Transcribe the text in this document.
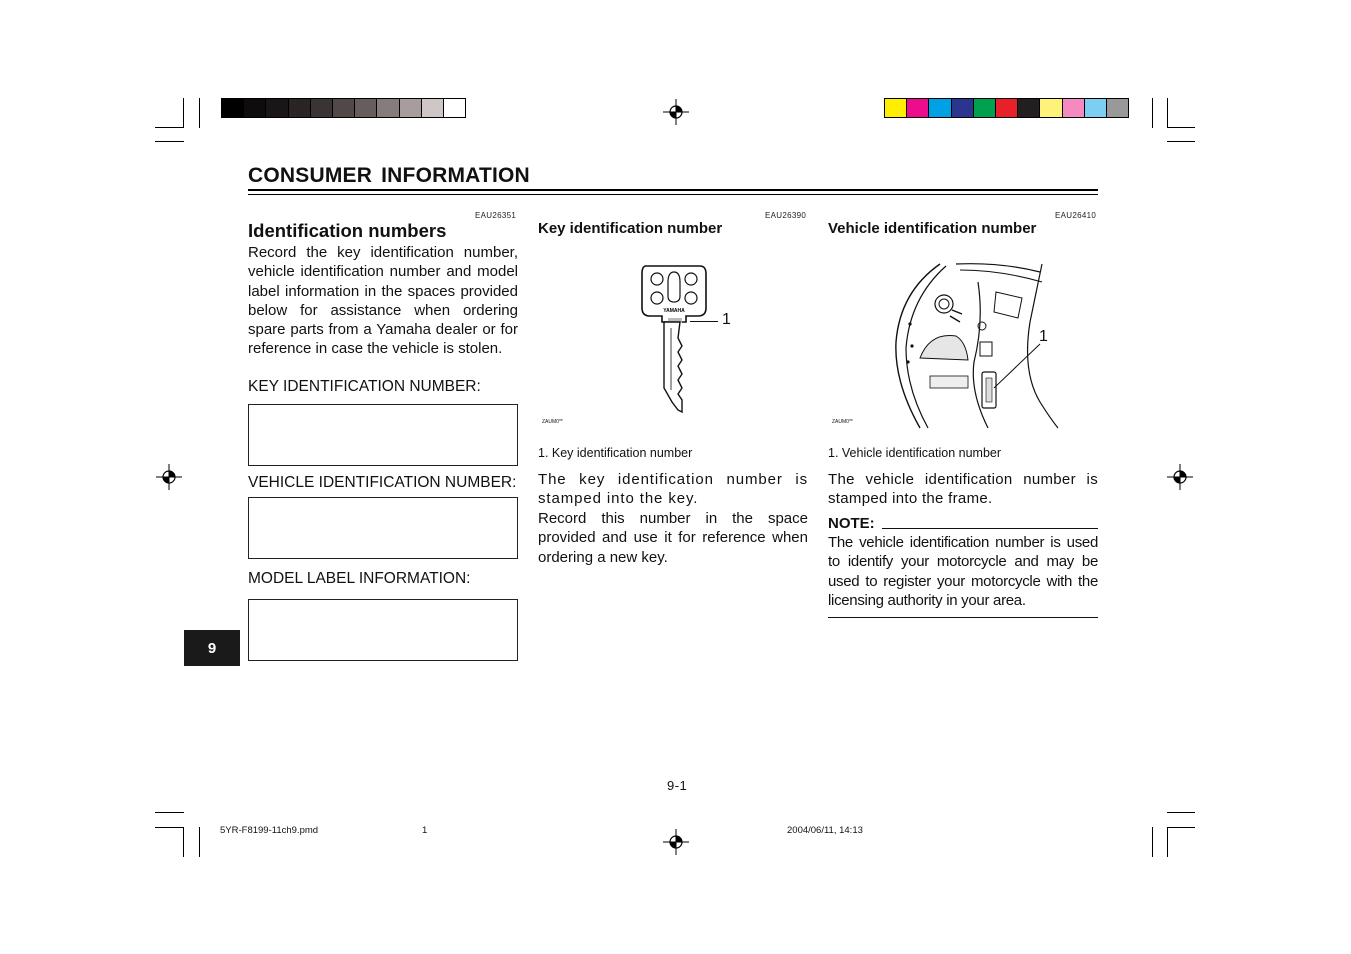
CONSUMER INFORMATION
EAU26351
Identification numbers
Record the key identification number, vehicle identification number and model label information in the spaces provided below for assistance when ordering spare parts from a Yamaha dealer or for reference in case the vehicle is stolen.
KEY IDENTIFICATION NUMBER:
VEHICLE IDENTIFICATION NUMBER:
MODEL LABEL INFORMATION:
EAU26390
Key identification number
YAMAHA 1
ZAUM0**
1. Key identification number
The key identification number is stamped into the key.
Record this number in the space provided and use it for reference when ordering a new key.
EAU26410
Vehicle identification number
1
ZAUM0**
1. Vehicle identification number
The vehicle identification number is stamped into the frame.
NOTE:
The vehicle identification number is used to identify your motorcycle and may be used to register your motorcycle with the licensing authority in your area.
9
9-1
5YR-F8199-11ch9.pmd	1	2004/06/11, 14:13
